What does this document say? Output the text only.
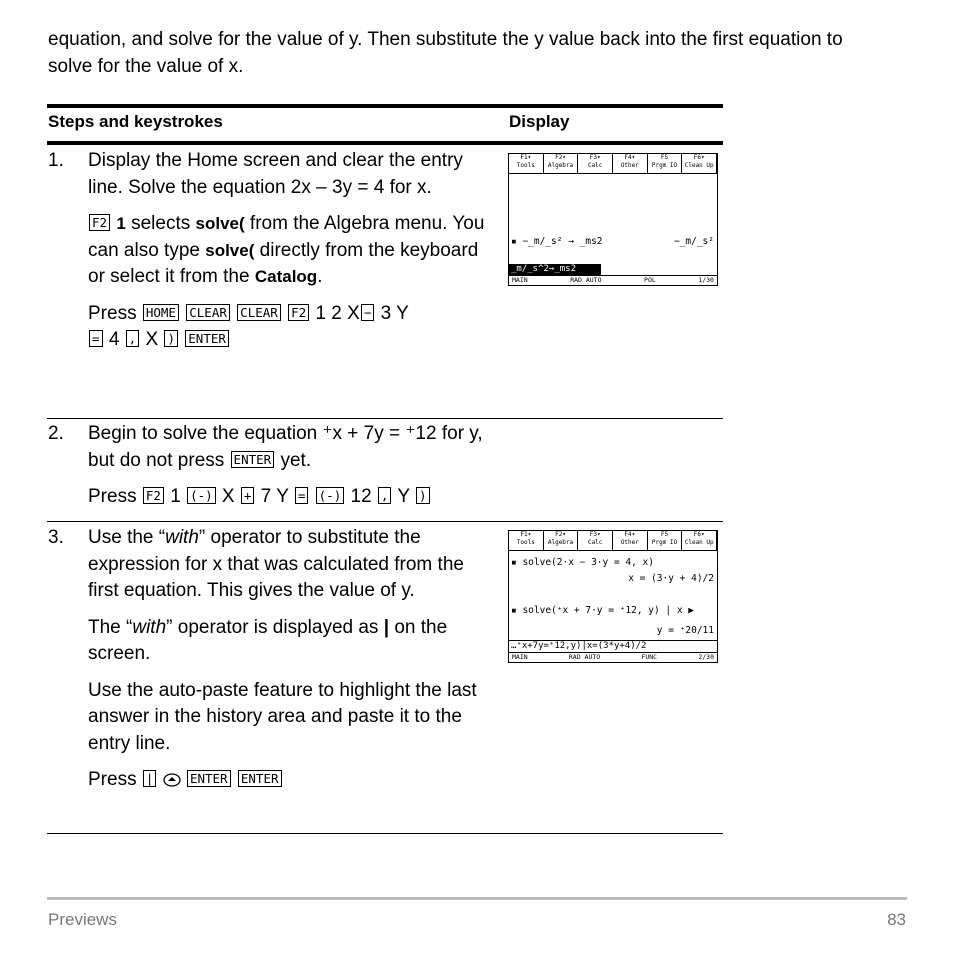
equation, and solve for the value of y. Then substitute the y value back into the first equation to solve for the value of x.
Steps and keystrokes	Display
1. Display the Home screen and clear the entry line. Solve the equation 2x – 3y = 4 for x.

F2 1 selects solve( from the Algebra menu. You can also type solve( directly from the keyboard or select it from the Catalog.

Press HOME CLEAR CLEAR F2 1 2 X − 3 Y
= 4 , X ) ENTER

F1▾
Tools
F2▾
Algebra
F3▾
Calc
F4▾
Other
F5
Prgm IO
F6▾
Clean Up
▪ −_m/_s² → _ms2	−_m/_s²
_m/_s^2→_ms2
MAIN	RAD AUTO	POL	1/30
2. Begin to solve the equation ⁺x + 7y = ⁺12 for y, but do not press ENTER yet.

Press F2 1 (-) X + 7 Y = (-) 12 , Y )

3. Use the “with” operator to substitute the expression for x that was calculated from the first equation. This gives the value of y.

The “with” operator is displayed as | on the screen.

Use the auto-paste feature to highlight the last answer in the history area and paste it to the entry line.

Press |	ENTER ENTER

F1▾
Tools
F2▾
Algebra
F3▾
Calc
F4▾
Other
F5
Prgm IO
F6▾
Clean Up
▪ solve(2·x − 3·y = 4, x)
x = (3·y + 4)/2
▪ solve(⁺x + 7·y = ⁺12, y) | x ▶
y = ⁺20/11
…⁺x+7y=⁺12,y)|x=(3*y+4)/2
MAIN	RAD AUTO	FUNC	2/30
Previews	83
